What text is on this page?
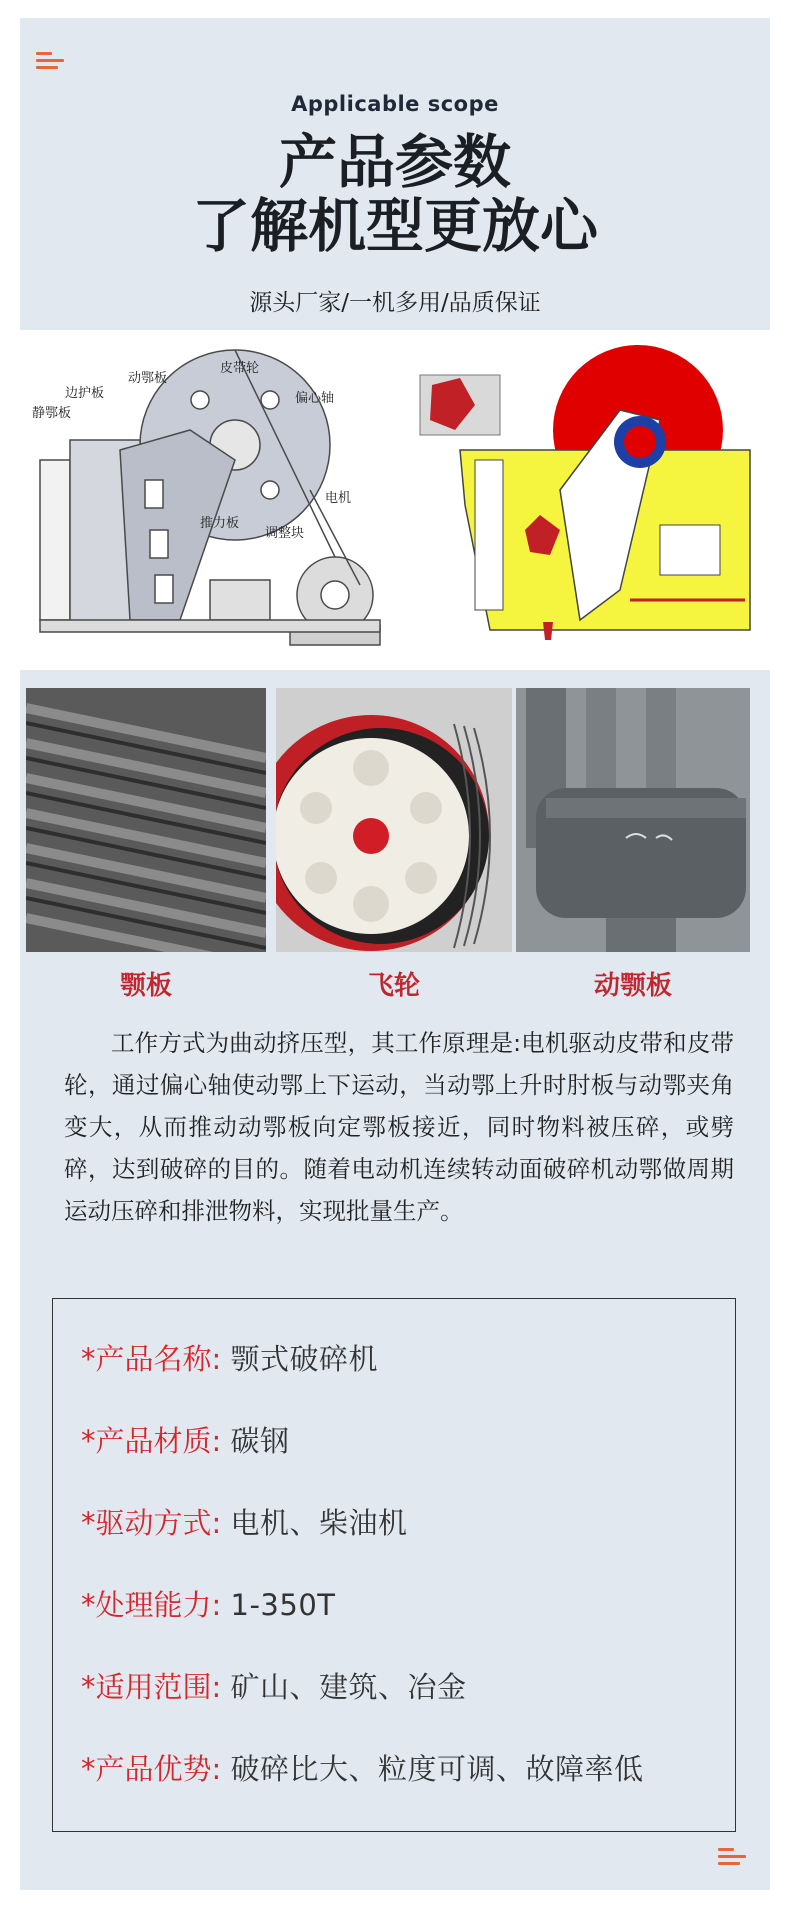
Applicable scope
产品参数
了解机型更放心
源头厂家/一机多用/品质保证
静鄂板
边护板
动鄂板
皮带轮
偏心轴
电机
推力板
调整块
颚板	飞轮	动颚板
工作方式为曲动挤压型，其工作原理是:电机驱动皮带和皮带轮，通过偏心轴使动鄂上下运动，当动鄂上升时肘板与动鄂夹角变大，从而推动动鄂板向定鄂板接近，同时物料被压碎，或劈碎，达到破碎的目的。随着电动机连续转动面破碎机动鄂做周期运动压碎和排泄物料，实现批量生产。
*产品名称: 颚式破碎机
*产品材质: 碳钢
*驱动方式: 电机、柴油机
*处理能力: 1-350T
*适用范围: 矿山、建筑、冶金
*产品优势: 破碎比大、粒度可调、故障率低
